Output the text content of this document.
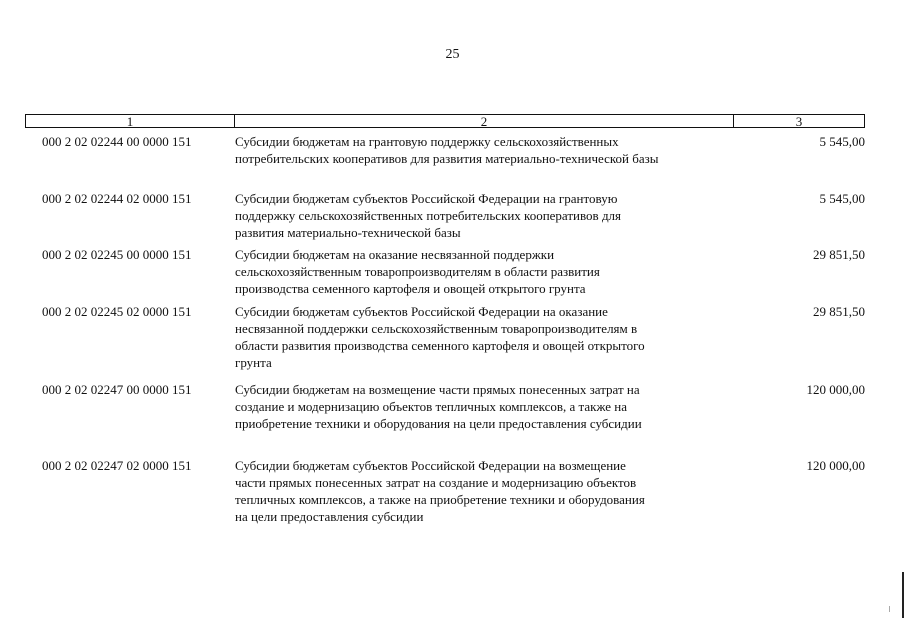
25
1	2	3
000 2 02 02244 00 0000 151	Субсидии бюджетам на грантовую поддержку сельскохозяйственных
потребительских кооперативов для развития материально-технической базы
5 545,00
000 2 02 02244 02 0000 151	Субсидии бюджетам субъектов Российской Федерации на грантовую
поддержку сельскохозяйственных потребительских кооперативов для
развития материально-технической базы
5 545,00
000 2 02 02245 00 0000 151	Субсидии бюджетам на оказание несвязанной поддержки
сельскохозяйственным товаропроизводителям в области развития
производства семенного картофеля и овощей открытого грунта
29 851,50
000 2 02 02245 02 0000 151	Субсидии бюджетам субъектов Российской Федерации на оказание
несвязанной поддержки сельскохозяйственным товаропроизводителям в
области развития производства семенного картофеля и овощей открытого
грунта
29 851,50
000 2 02 02247 00 0000 151	Субсидии бюджетам на возмещение части прямых понесенных затрат на
создание и модернизацию объектов тепличных комплексов, а также на
приобретение техники и оборудования на цели предоставления субсидии
120 000,00
000 2 02 02247 02 0000 151	Субсидии бюджетам субъектов Российской Федерации на возмещение
части прямых понесенных затрат на создание и модернизацию объектов
тепличных комплексов, а также на приобретение техники и оборудования
на цели предоставления субсидии
120 000,00
